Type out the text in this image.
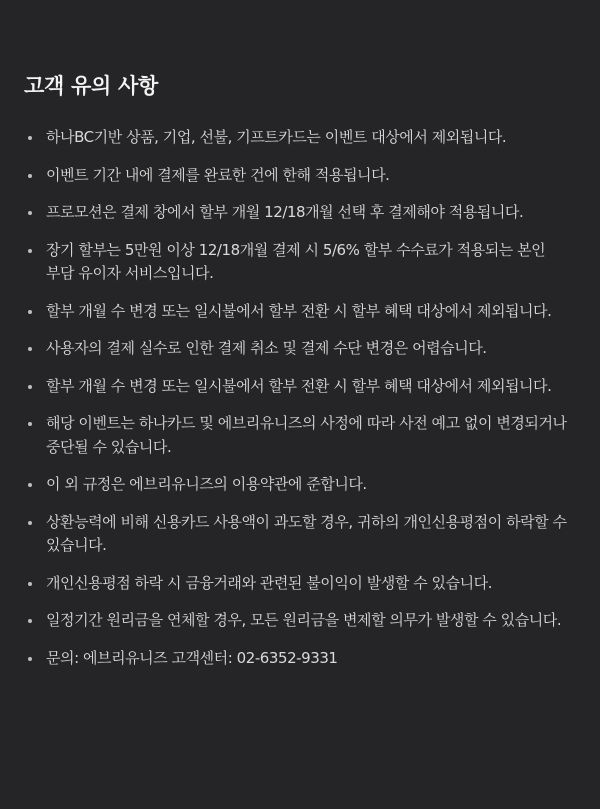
고객 유의 사항
하나BC기반 상품, 기업, 선불, 기프트카드는 이벤트 대상에서 제외됩니다.
이벤트 기간 내에 결제를 완료한 건에 한해 적용됩니다.
프로모션은 결제 창에서 할부 개월 12/18개월 선택 후 결제해야 적용됩니다.
장기 할부는 5만원 이상 12/18개월 결제 시 5/6% 할부 수수료가 적용되는 본인 부담 유이자 서비스입니다.
할부 개월 수 변경 또는 일시불에서 할부 전환 시 할부 혜택 대상에서 제외됩니다.
사용자의 결제 실수로 인한 결제 취소 및 결제 수단 변경은 어렵습니다.
할부 개월 수 변경 또는 일시불에서 할부 전환 시 할부 혜택 대상에서 제외됩니다.
해당 이벤트는 하나카드 및 에브리유니즈의 사정에 따라 사전 예고 없이 변경되거나 중단될 수 있습니다.
이 외 규정은 에브리유니즈의 이용약관에 준합니다.
상환능력에 비해 신용카드 사용액이 과도할 경우, 귀하의 개인신용평점이 하락할 수 있습니다.
개인신용평점 하락 시 금융거래와 관련된 불이익이 발생할 수 있습니다.
일정기간 원리금을 연체할 경우, 모든 원리금을 변제할 의무가 발생할 수 있습니다.
문의: 에브리유니즈 고객센터: 02-6352-9331
